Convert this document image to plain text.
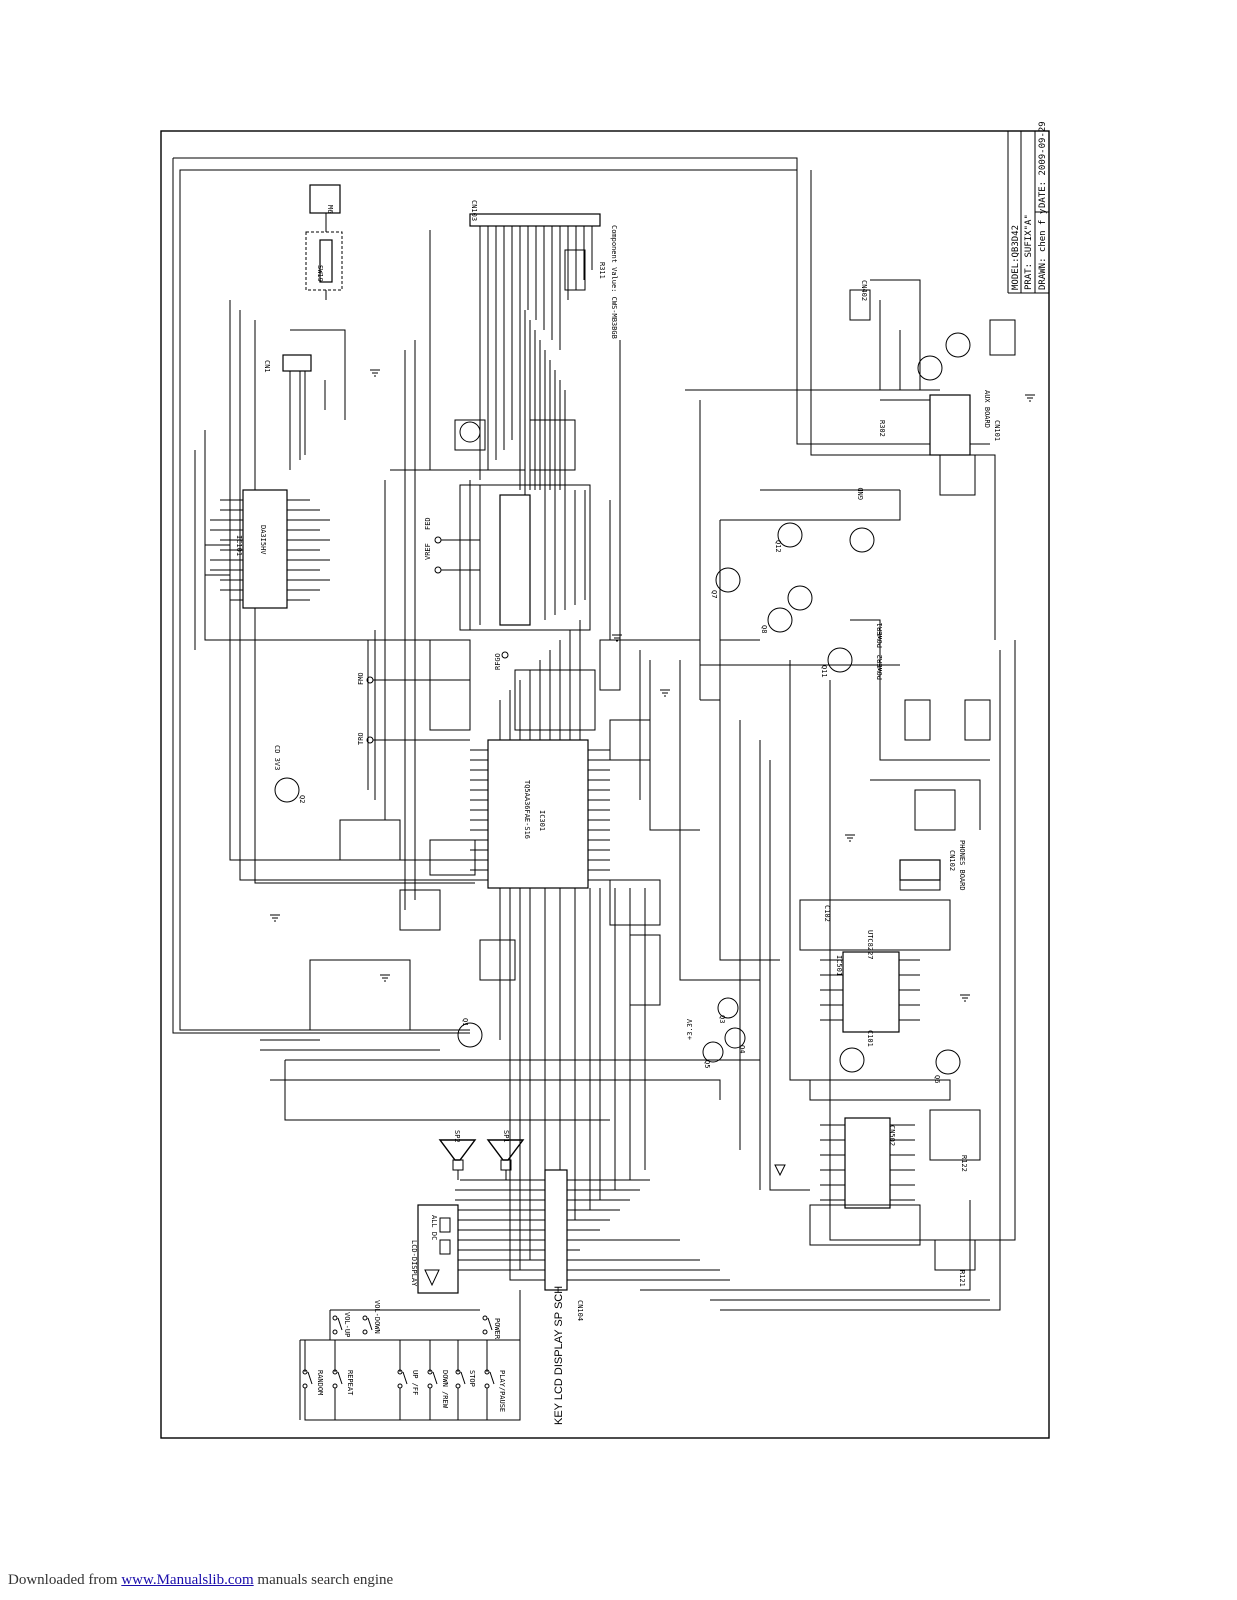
MODEL:QB3D42 PRAT: SUFIX"A" DRAWN: chen f y
DATE: 2009-09-29
M6
SW19
CN1
IC101 DA3I5HV
CN103
Component Value: CWS-MB3BGB
IC301
TQ5AA36FAE-S16
VREF
FED
RFGO
FMO
TRO
CD 3V3
+3.3V
POWER1
POWER2
GND
Q7
Q8
Q11
Q12
CN101
AUX BOARD
CN402
CN102 PHONES BOARD
IC501
UTC8227
CN502
CN104
KEY LCD DISPLAY SP SCH
SP2	SP1
LCD-DISPLAY
ALL DC
VOL-UP	VOL-DOWN	POWER
RANDOM	REPEAT	UP /FF	DOWN /REW	STOP	PLAY/PAUSE
R302
C101
C102
R121
R122
R311
Q1
Q2
Q3
Q4
Q5
Q6
Downloaded from www.Manualslib.com manuals search engine
